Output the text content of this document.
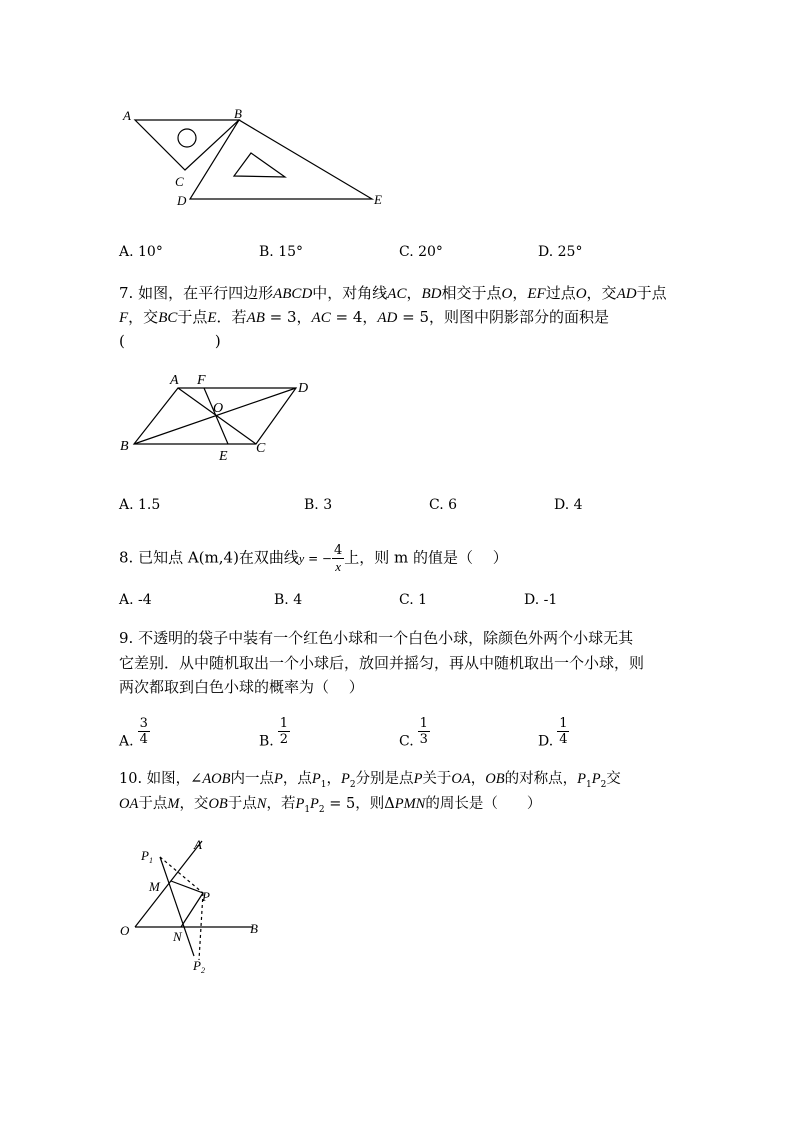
A	B
C
D	E
A. 10°	B. 15°	C. 20°	D. 25°
7. 如图，在平行四边形ABCD中，对角线AC，BD相交于点O，EF过点O，交AD于点
F，交BC于点E．若AB = 3，AC = 4，AD = 5，则图中阴影部分的面积是
(　　　　　　)
A F
D
O
B
E
C
A. 1.5	B. 3	C. 6	D. 4
8. 已知点 A(m,4)在双曲线y = − $\frac{4}{x}$ 上，则 m 的值是（　 ）
A. -4	B. 4	C. 1	D. -1
9. 不透明的袋子中装有一个红色小球和一个白色小球，除颜色外两个小球无其
它差别．从中随机取出一个小球后，放回并摇匀，再从中随机取出一个小球，则
两次都取到白色小球的概率为（　 ）
A. $\frac{3}{4}$	B. $\frac{1}{2}$	C. $\frac{1}{3}$	D. $\frac{1}{4}$
10. 如图，∠AOB内一点P，点$P_1$，$P_2$分别是点P关于OA，OB的对称点，$P_1P_2$交
OA于点M，交OB于点N，若$P_1P_2 = 5$，则ΔPMN的周长是（　　）
$P_1$
A
M
P
O	N
B
$P_2$
